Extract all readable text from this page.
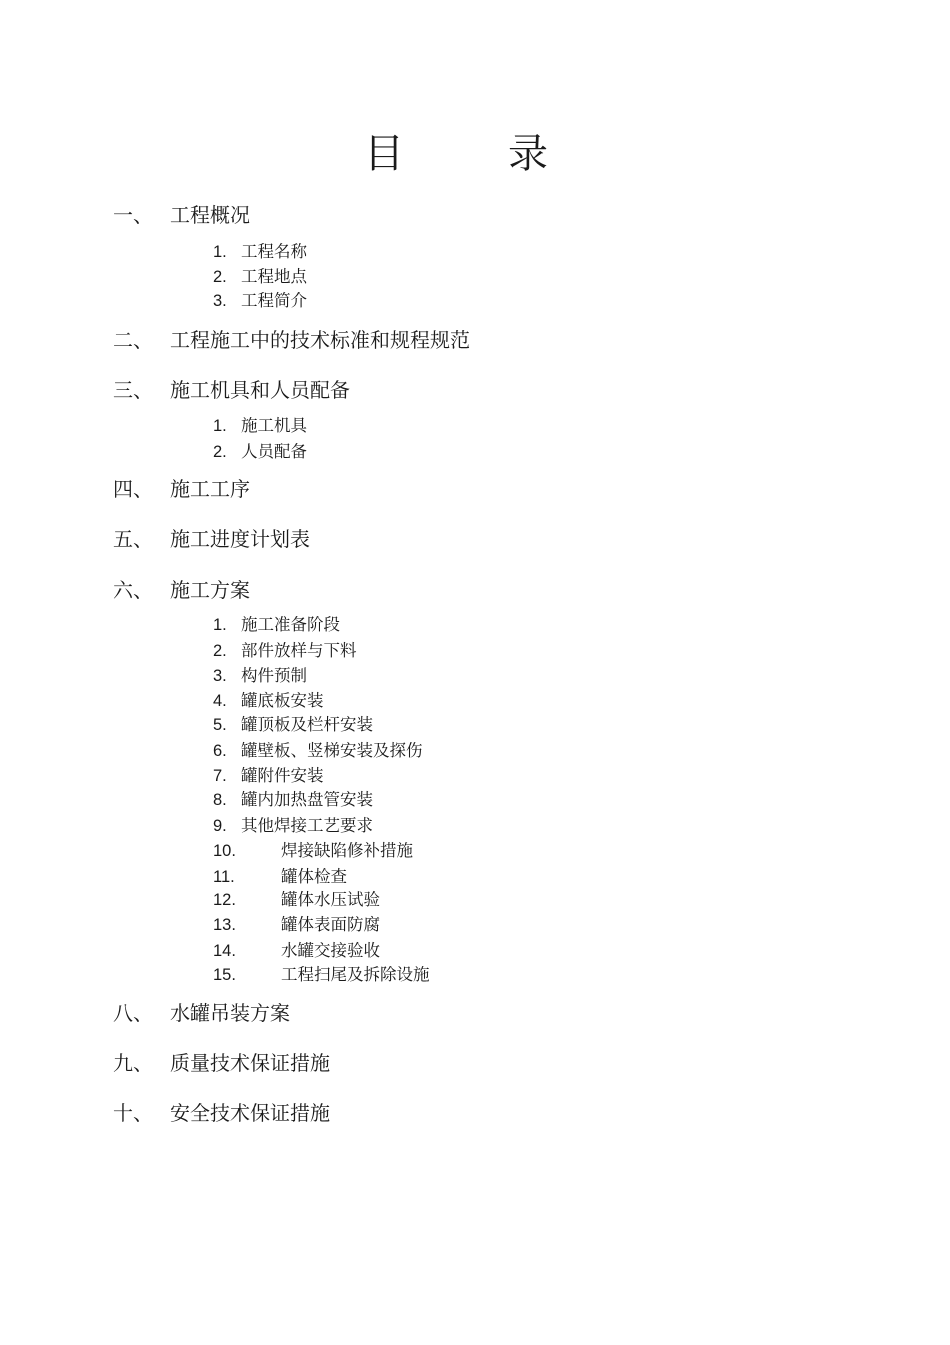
目	录
一、 工程概况
1. 工程名称
2. 工程地点
3. 工程简介
二、 工程施工中的技术标准和规程规范
三、 施工机具和人员配备
1. 施工机具
2. 人员配备
四、 施工工序
五、 施工进度计划表
六、 施工方案
1. 施工准备阶段
2. 部件放样与下料
3. 构件预制
4. 罐底板安装
5. 罐顶板及栏杆安装
6. 罐壁板、竖梯安装及探伤
7. 罐附件安装
8. 罐内加热盘管安装
9. 其他焊接工艺要求
10.	焊接缺陷修补措施
11.	罐体检查
12.	罐体水压试验
13.	罐体表面防腐
14.	水罐交接验收
15.	工程扫尾及拆除设施
八、 水罐吊装方案
九、 质量技术保证措施
十、 安全技术保证措施
